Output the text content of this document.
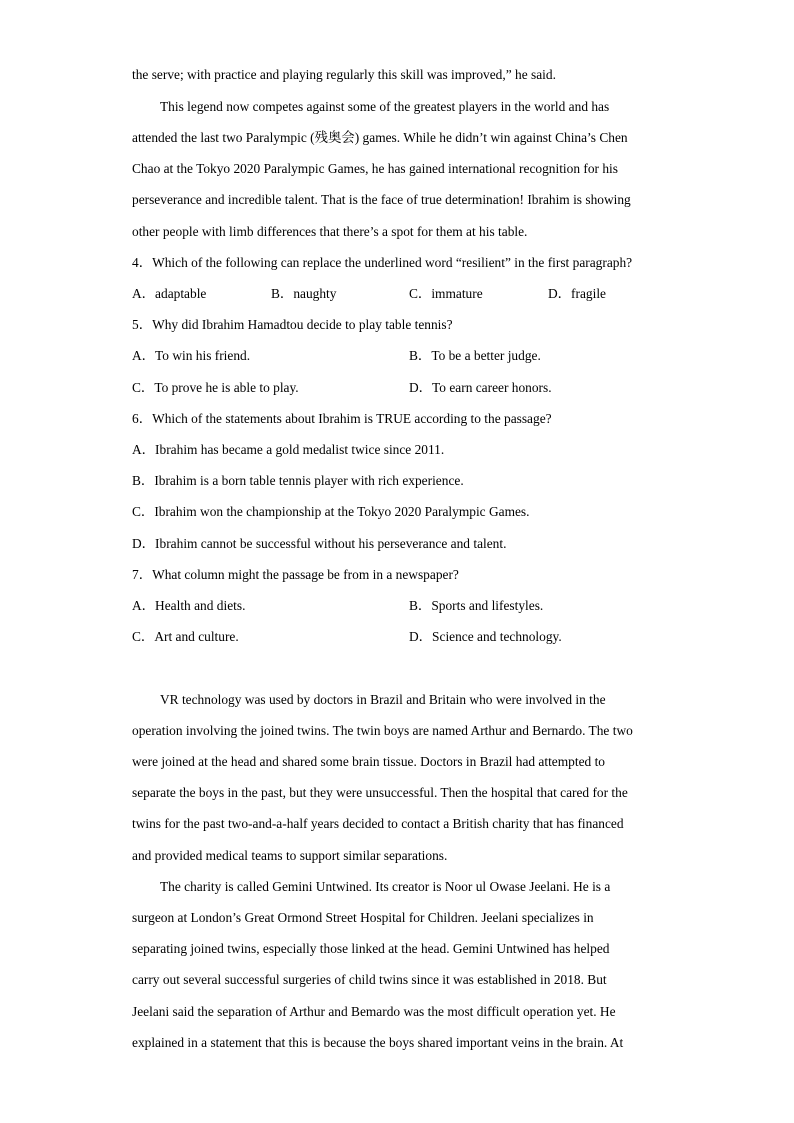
the serve; with practice and playing regularly this skill was improved,” he said.
This legend now competes against some of the greatest players in the world and has
attended the last two Paralympic (残奥会) games. While he didn’t win against China’s Chen
Chao at the Tokyo 2020 Paralympic Games, he has gained international recognition for his
perseverance and incredible talent. That is the face of true determination! Ibrahim is showing
other people with limb differences that there’s a spot for them at his table.
4．Which of the following can replace the underlined word “resilient” in the first paragraph?
A．adaptable	B．naughty	C．immature	D．fragile
5．Why did Ibrahim Hamadtou decide to play table tennis?
A．To win his friend.	B．To be a better judge.
C．To prove he is able to play.	D．To earn career honors.
6．Which of the statements about Ibrahim is TRUE according to the passage?
A．Ibrahim has became a gold medalist twice since 2011.
B．Ibrahim is a born table tennis player with rich experience.
C．Ibrahim won the championship at the Tokyo 2020 Paralympic Games.
D．Ibrahim cannot be successful without his perseverance and talent.
7．What column might the passage be from in a newspaper?
A．Health and diets.	B．Sports and lifestyles.
C．Art and culture.	D．Science and technology.
VR technology was used by doctors in Brazil and Britain who were involved in the
operation involving the joined twins. The twin boys are named Arthur and Bernardo. The two
were joined at the head and shared some brain tissue. Doctors in Brazil had attempted to
separate the boys in the past, but they were unsuccessful. Then the hospital that cared for the
twins for the past two-and-a-half years decided to contact a British charity that has financed
and provided medical teams to support similar separations.
The charity is called Gemini Untwined. Its creator is Noor ul Owase Jeelani. He is a
surgeon at London’s Great Ormond Street Hospital for Children. Jeelani specializes in
separating joined twins, especially those linked at the head. Gemini Untwined has helped
carry out several successful surgeries of child twins since it was established in 2018. But
Jeelani said the separation of Arthur and Bemardo was the most difficult operation yet. He
explained in a statement that this is because the boys shared important veins in the brain. At
